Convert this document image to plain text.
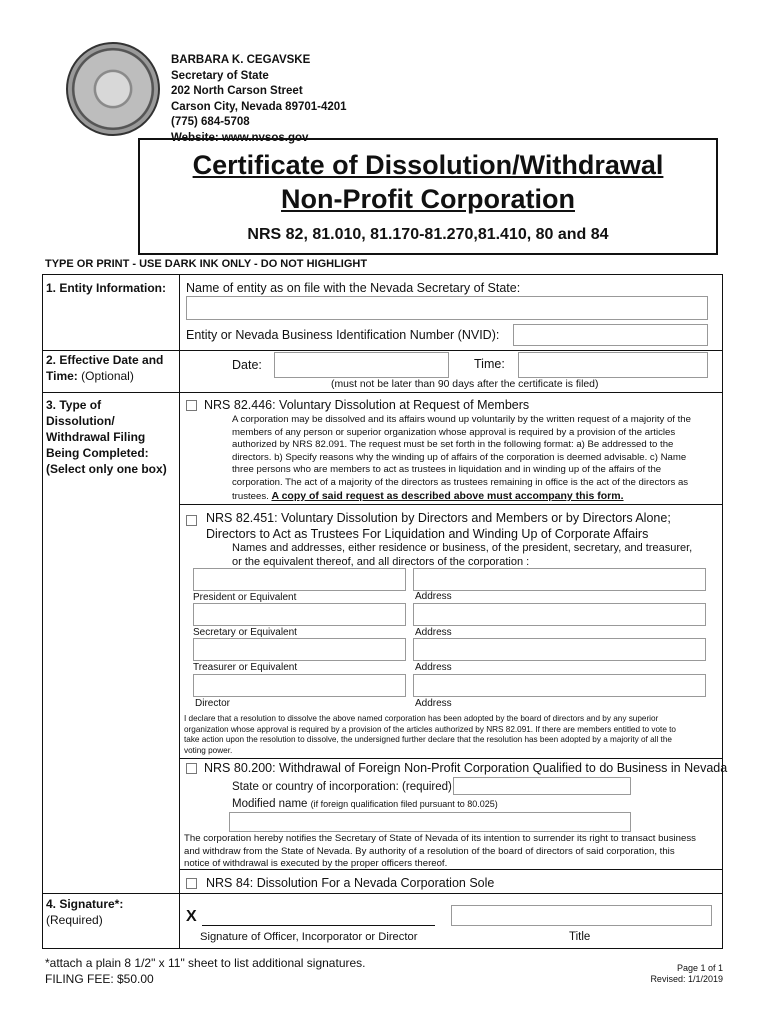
BARBARA K. CEGAVSKE
Secretary of State
202 North Carson Street
Carson City, Nevada 89701-4201
(775) 684-5708
Website: www.nvsos.gov
Certificate of Dissolution/Withdrawal
Non-Profit Corporation
NRS 82, 81.010, 81.170-81.270,81.410, 80 and 84
TYPE OR PRINT - USE DARK INK ONLY - DO NOT HIGHLIGHT
1. Entity Information: Name of entity as on file with the Nevada Secretary of State:
Entity or Nevada Business Identification Number (NVID):
2. Effective Date and
Time: (Optional)
Date:	Time:
(must not be later than 90 days after the certificate is filed)
3. Type of
Dissolution/
Withdrawal Filing
Being Completed:
(Select only one box)
NRS 82.446: Voluntary Dissolution at Request of Members
A corporation may be dissolved and its affairs wound up voluntarily by the written request of a majority of the
members of any person or superior organization whose approval is required by a provision of the articles
authorized by NRS 82.091. The request must be set forth in the following format: a) Be addressed to the
directors. b) Specify reasons why the winding up of affairs of the corporation is deemed advisable. c) Name
three persons who are members to act as trustees in liquidation and in winding up of the affairs of the
corporation. The act of a majority of the directors as trustees remaining in office is the act of the directors as
trustees. A copy of said request as described above must accompany this form.
NRS 82.451: Voluntary Dissolution by Directors and Members or by Directors Alone;
Directors to Act as Trustees For Liquidation and Winding Up of Corporate Affairs
Names and addresses, either residence or business, of the president, secretary, and treasurer,
or the equivalent thereof, and all directors of the corporation :
President or Equivalent	Address
Secretary or Equivalent	Address
Treasurer or Equivalent	Address
Director	Address
I declare that a resolution to dissolve the above named corporation has been adopted by the board of directors and by any superior
organization whose approval is required by a provision of the articles authorized by NRS 82.091. If there are members entitled to vote to
take action upon the resolution to dissolve, the undersigned further declare that the resolution has been adopted by a majority of all the
voting power.
NRS 80.200: Withdrawal of Foreign Non-Profit Corporation Qualified to do Business in Nevada
State or country of incorporation: (required)
Modified name (if foreign qualification filed pursuant to 80.025)
The corporation hereby notifies the Secretary of State of Nevada of its intention to surrender its right to transact business
and withdraw from the State of Nevada. By authority of a resolution of the board of directors of said corporation, this
notice of withdrawal is executed by the proper officers thereof.
NRS 84: Dissolution For a Nevada Corporation Sole
4. Signature*:
(Required)	X
Signature of Officer, Incorporator or Director	Title
*attach a plain 8 1/2" x 11" sheet to list additional signatures.
FILING FEE: $50.00
Page 1 of 1
Revised: 1/1/2019
